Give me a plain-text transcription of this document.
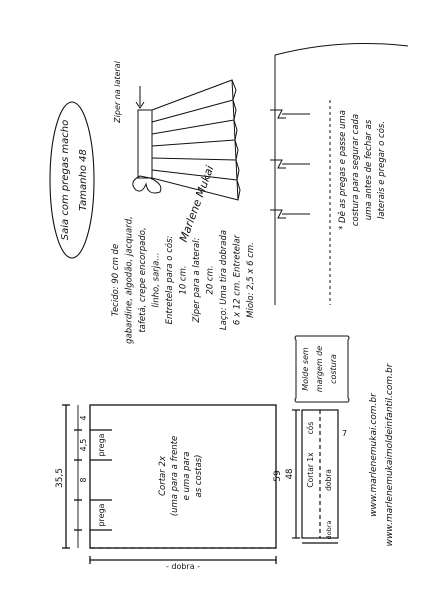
35,5
4
4,5
8
prega
prega
59
- dobra -
Cortar 2x (uma para a frente e uma para as costas)	48
cós
Cortar 1x dobra
dobra
7
Molde sem margem de costura
www.marlenemukai.com.br www.marlenemukaimoldeinfantil.com.br
Saia com pregas macho Tamanho 48
Tecido: 90 cm de gabardine, algodão, jacquard, tafetá, crepe encorpado, linho, sarja... Entretela para o cós: 10 cm. Zíper para a lateral: 20 cm. Laço: Uma tira dobrada 6 x 12 cm. Entretelar Miolo: 2,5 x 6 cm.
Ziper na lateral
Marlene Mukai	* Dê as pregas e passe uma costura para segurar cada uma antes de fechar as laterais e pregar o cós.
